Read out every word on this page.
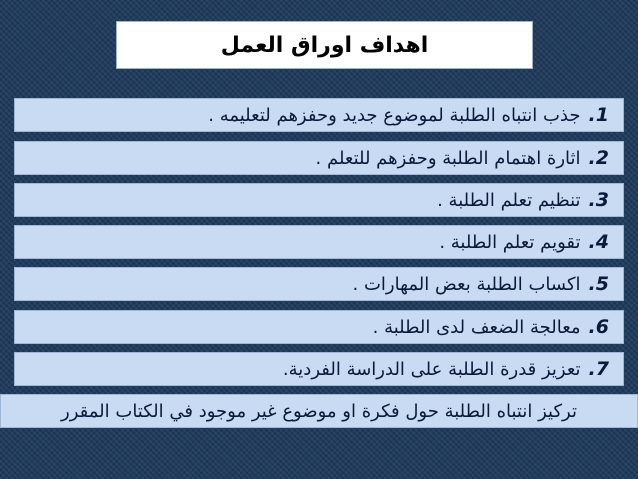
اهداف اوراق العمل
1.
جذب انتباه الطلبة لموضوع جديد وحفزهم لتعليمه .
2.
اثارة اهتمام الطلبة وحفزهم للتعلم .
3.
تنظيم تعلم الطلبة .
4.
تقويم تعلم الطلبة .
5.
اكساب الطلبة بعض المهارات .
6.
معالجة الضعف لدى الطلبة .
7.
تعزيز قدرة الطلبة على الدراسة الفردية.
تركيز انتباه الطلبة حول فكرة او موضوع غير موجود في الكتاب المقرر
